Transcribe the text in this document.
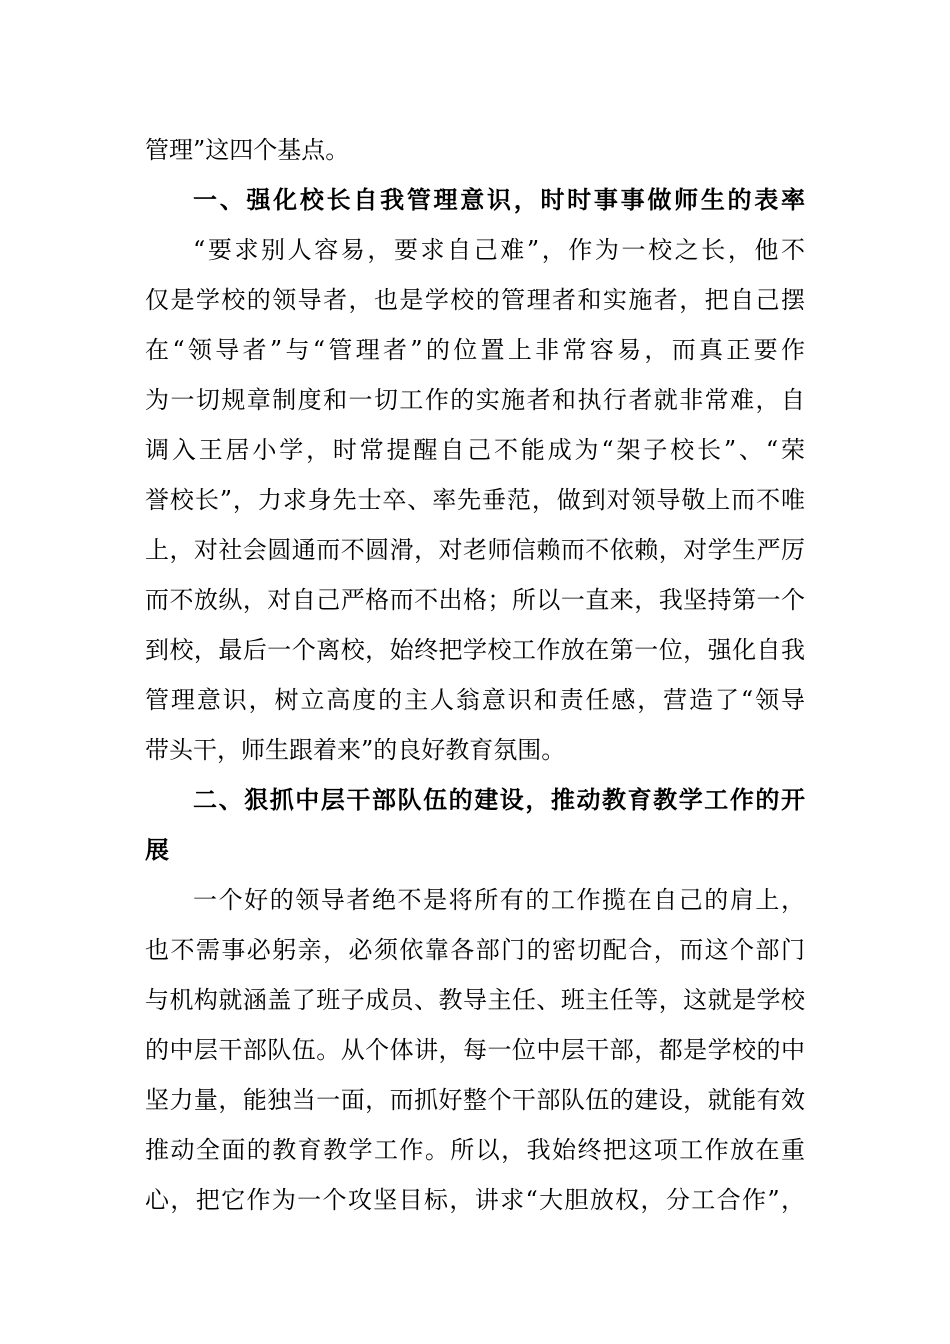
管理”这四个基点。
一、强化校长自我管理意识，时时事事做师生的表率
“要求别人容易，要求自己难”，作为一校之长，他不
仅是学校的领导者，也是学校的管理者和实施者，把自己摆
在“领导者”与“管理者”的位置上非常容易，而真正要作
为一切规章制度和一切工作的实施者和执行者就非常难，自
调入王居小学，时常提醒自己不能成为“架子校长”、“荣
誉校长”，力求身先士卒、率先垂范，做到对领导敬上而不唯
上，对社会圆通而不圆滑，对老师信赖而不依赖，对学生严厉
而不放纵，对自己严格而不出格；所以一直来，我坚持第一个
到校，最后一个离校，始终把学校工作放在第一位，强化自我
管理意识，树立高度的主人翁意识和责任感，营造了“领导
带头干，师生跟着来”的良好教育氛围。
二、狠抓中层干部队伍的建设，推动教育教学工作的开
展
一个好的领导者绝不是将所有的工作揽在自己的肩上，
也不需事必躬亲，必须依靠各部门的密切配合，而这个部门
与机构就涵盖了班子成员、教导主任、班主任等，这就是学校
的中层干部队伍。从个体讲，每一位中层干部，都是学校的中
坚力量，能独当一面，而抓好整个干部队伍的建设，就能有效
推动全面的教育教学工作。所以，我始终把这项工作放在重
心，把它作为一个攻坚目标，讲求“大胆放权，分工合作”，
